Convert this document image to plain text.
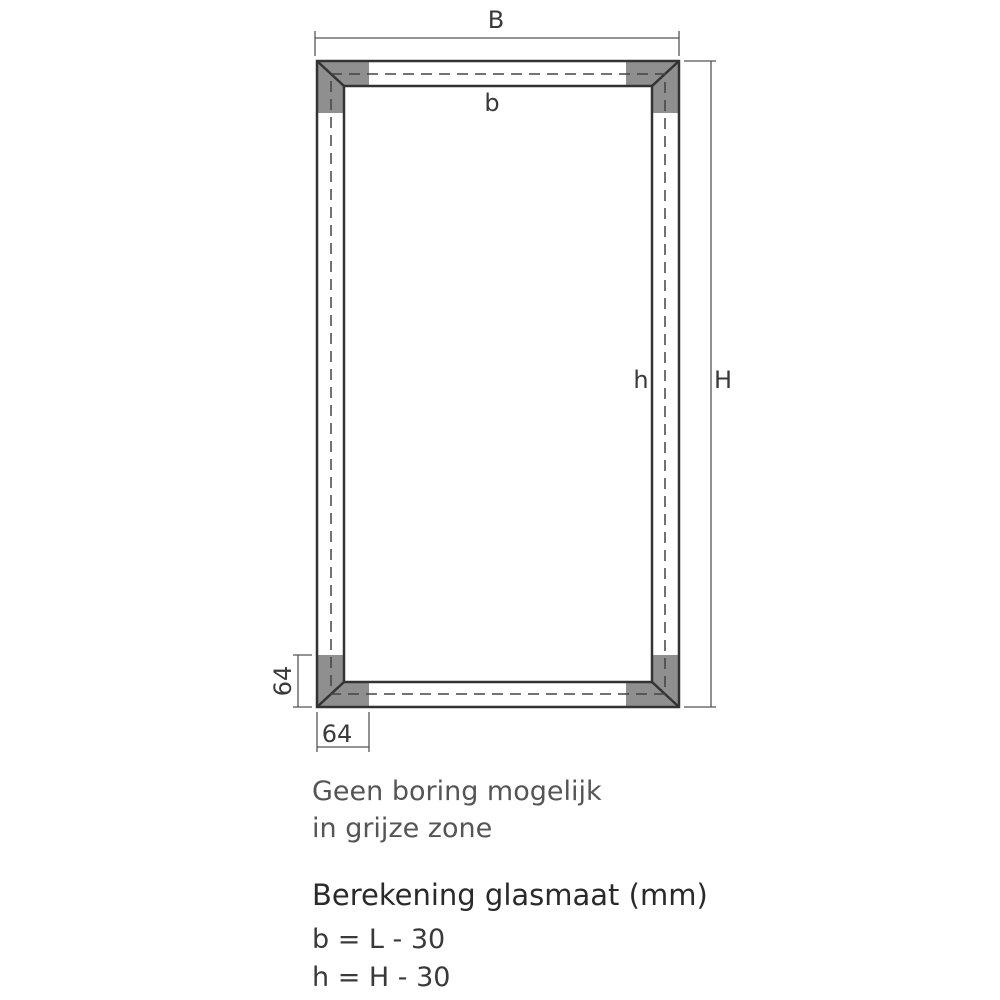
B
b
h	H
64
64
Geen boring mogelijk
in grijze zone
Berekening glasmaat (mm)
b = L - 30
h = H - 30
